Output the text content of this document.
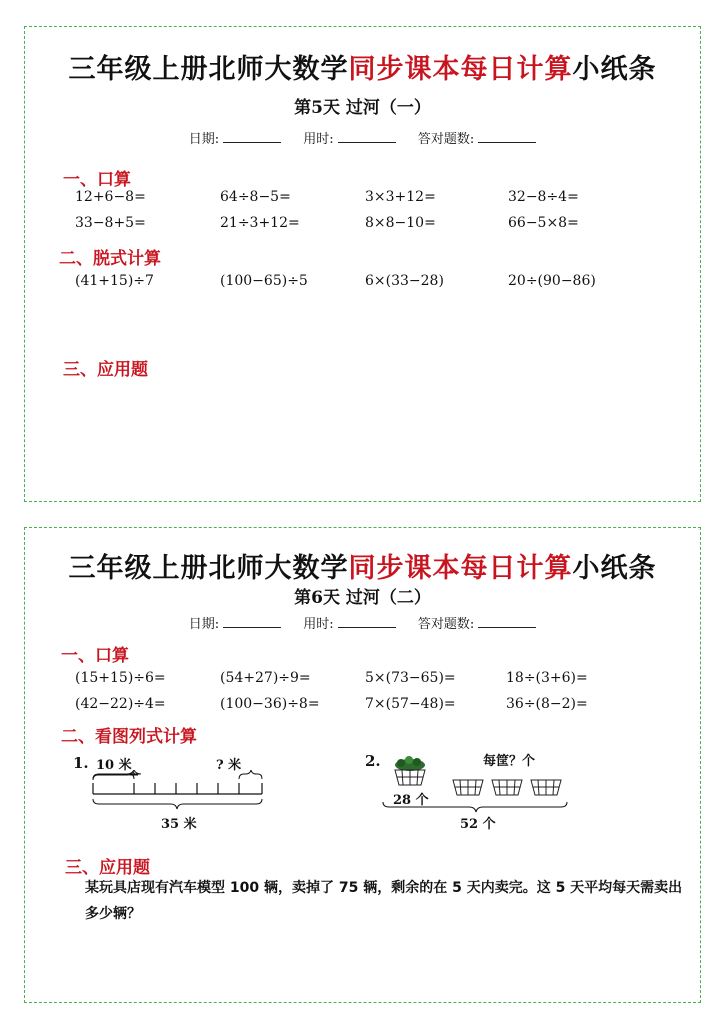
三年级上册北师大数学同步课本每日计算小纸条
第5天 过河（一）
日期:	用时:	答对题数:
一、口算
12+6−8=	64÷8−5=	3×3+12=	32−8÷4=
33−8+5=	21÷3+12=	8×8−10=	66−5×8=
二、脱式计算
(41+15)÷7	(100−65)÷5	6×(33−28)	20÷(90−86)
三、应用题
三年级上册北师大数学同步课本每日计算小纸条
第6天 过河（二）
日期:	用时:	答对题数:
一、口算
(15+15)÷6=	(54+27)÷9=	5×(73−65)=	18÷(3+6)=
(42−22)÷4=	(100−36)÷8=	7×(57−48)=	36÷(8−2)=
二、看图列式计算
1. 10 米	? 米
35 米
2.	每筐？个
28 个
52 个
三、应用题
某玩具店现有汽车模型 100 辆，卖掉了 75 辆，剩余的在 5 天内卖完。这 5 天平均每天需卖出多少辆？
